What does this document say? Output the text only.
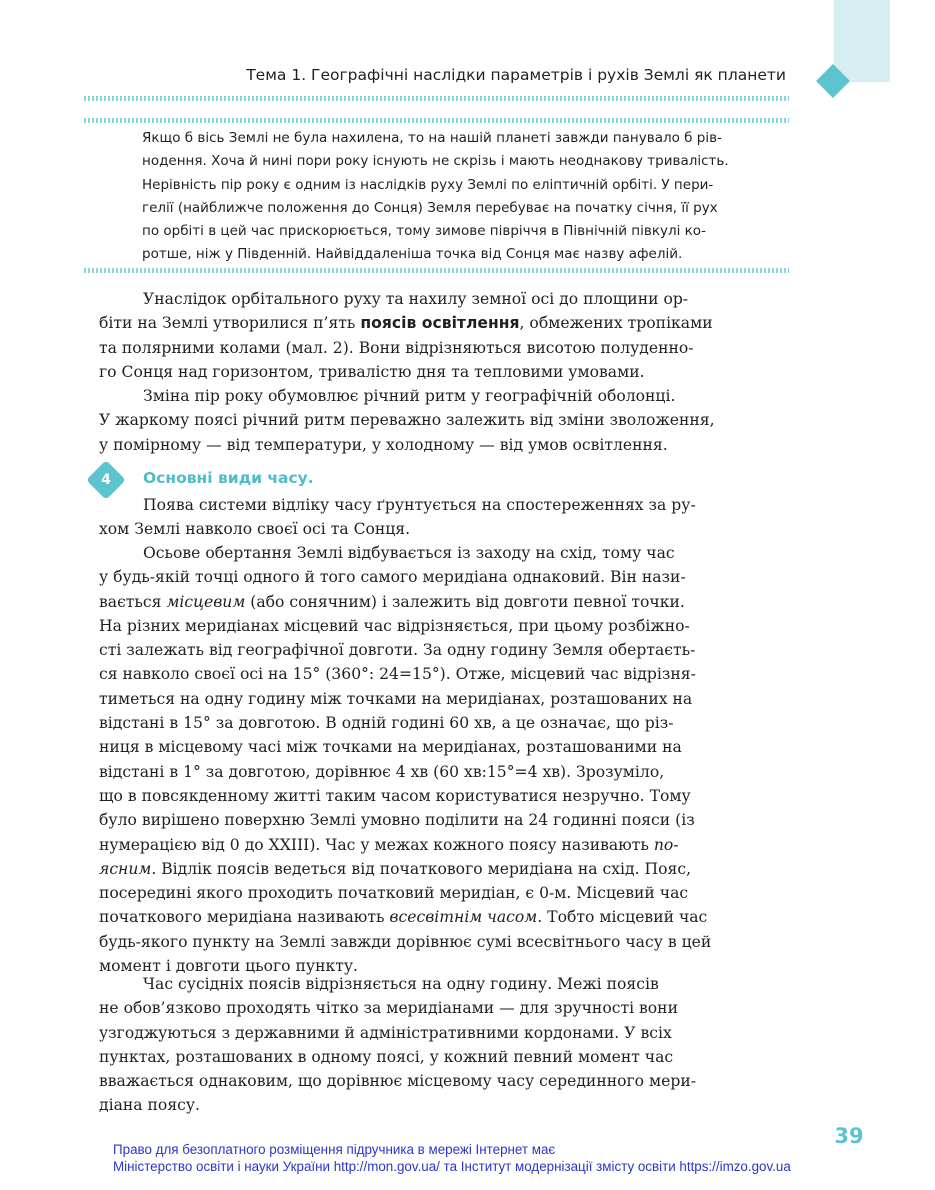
Тема 1. Географічні наслідки параметрів і рухів Землі як планети
Якщо б вісь Землі не була нахилена, то на нашій планеті завжди панувало б рів-
нодення. Хоча й нині пори року існують не скрізь і мають неоднакову тривалість.
Нерівність пір року є одним із наслідків руху Землі по еліптичній орбіті. У пери-
гелії (найближче положення до Сонця) Земля перебуває на початку січня, її рух
по орбіті в цей час прискорюється, тому зимове півріччя в Північній півкулі ко-
ротше, ніж у Південній. Найвіддаленіша точка від Сонця має назву афелій.
Унаслідок орбітального руху та нахилу земної осі до площини ор-
біти на Землі утворилися п’ять поясів освітлення, обмежених тропіками
та полярними колами (мал. 2). Вони відрізняються висотою полуденно-
го Сонця над горизонтом, тривалістю дня та тепловими умовами.
Зміна пір року обумовлює річний ритм у географічній оболонці.
У жаркому поясі річний ритм переважно залежить від зміни зволоження,
у помірному — від температури, у холодному — від умов освітлення.
4	Основні види часу.
Поява системи відліку часу ґрунтується на спостереженнях за ру-
хом Землі навколо своєї осі та Сонця.
Осьове обертання Землі відбувається із заходу на схід, тому час
у будь-якій точці одного й того самого меридіана однаковий. Він нази-
вається місцевим (або сонячним) і залежить від довготи певної точки.
На різних меридіанах місцевий час відрізняється, при цьому розбіжно-
сті залежать від географічної довготи. За одну годину Земля обертаєть-
ся навколо своєї осі на 15° (360°: 24=15°). Отже, місцевий час відрізня-
тиметься на одну годину між точками на меридіанах, розташованих на
відстані в 15° за довготою. В одній годині 60 хв, а це означає, що різ-
ниця в місцевому часі між точками на меридіанах, розташованими на
відстані в 1° за довготою, дорівнює 4 хв (60 хв:15°=4 хв). Зрозуміло,
що в повсякденному житті таким часом користуватися незручно. Тому
було вирішено поверхню Землі умовно поділити на 24 годинні пояси (із
нумерацією від 0 до XXIII). Час у межах кожного поясу називають по-
ясним. Відлік поясів ведеться від початкового меридіана на схід. Пояс,
посередині якого проходить початковий меридіан, є 0-м. Місцевий час
початкового меридіана називають всесвітнім часом. Тобто місцевий час
будь-якого пункту на Землі завжди дорівнює сумі всесвітнього часу в цей
момент і довготи цього пункту.
Час сусідніх поясів відрізняється на одну годину. Межі поясів
не обов’язково проходять чітко за меридіанами — для зручності вони
узгоджуються з державними й адміністративними кордонами. У всіх
пунктах, розташованих в одному поясі, у кожний певний момент час
вважається однаковим, що дорівнює місцевому часу серединного мери-
діана поясу.
39
Право для безоплатного розміщення підручника в мережі Інтернет має
Міністерство освіти і науки України http://mon.gov.ua/ та Інститут модернізації змісту освіти https://imzo.gov.ua
